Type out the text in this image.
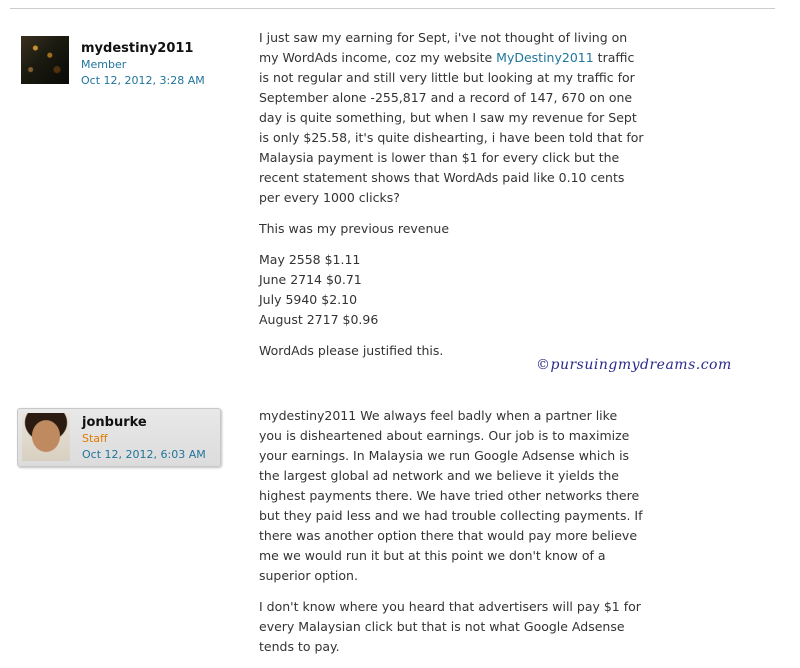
mydestiny2011
Member
Oct 12, 2012, 3:28 AM

I just saw my earning for Sept, i've not thought of living on my WordAds income, coz my website MyDestiny2011 traffic is not regular and still very little but looking at my traffic for September alone -255,817 and a record of 147, 670 on one day is quite something, but when I saw my revenue for Sept is only $25.58, it's quite dishearting, i have been told that for Malaysia payment is lower than $1 for every click but the recent statement shows that WordAds paid like 0.10 cents per every 1000 clicks?

This was my previous revenue

May 2558 $1.11

June 2714 $0.71

July 5940 $2.10

August 2717 $0.96

WordAds please justified this.

©pursuingmydreams.com
jonburke
Staff
Oct 12, 2012, 6:03 AM

mydestiny2011 We always feel badly when a partner like you is disheartened about earnings. Our job is to maximize your earnings. In Malaysia we run Google Adsense which is the largest global ad network and we believe it yields the highest payments there. We have tried other networks there but they paid less and we had trouble collecting payments. If there was another option there that would pay more believe me we would run it but at this point we don't know of a superior option.

I don't know where you heard that advertisers will pay $1 for every Malaysian click but that is not what Google Adsense tends to pay.
